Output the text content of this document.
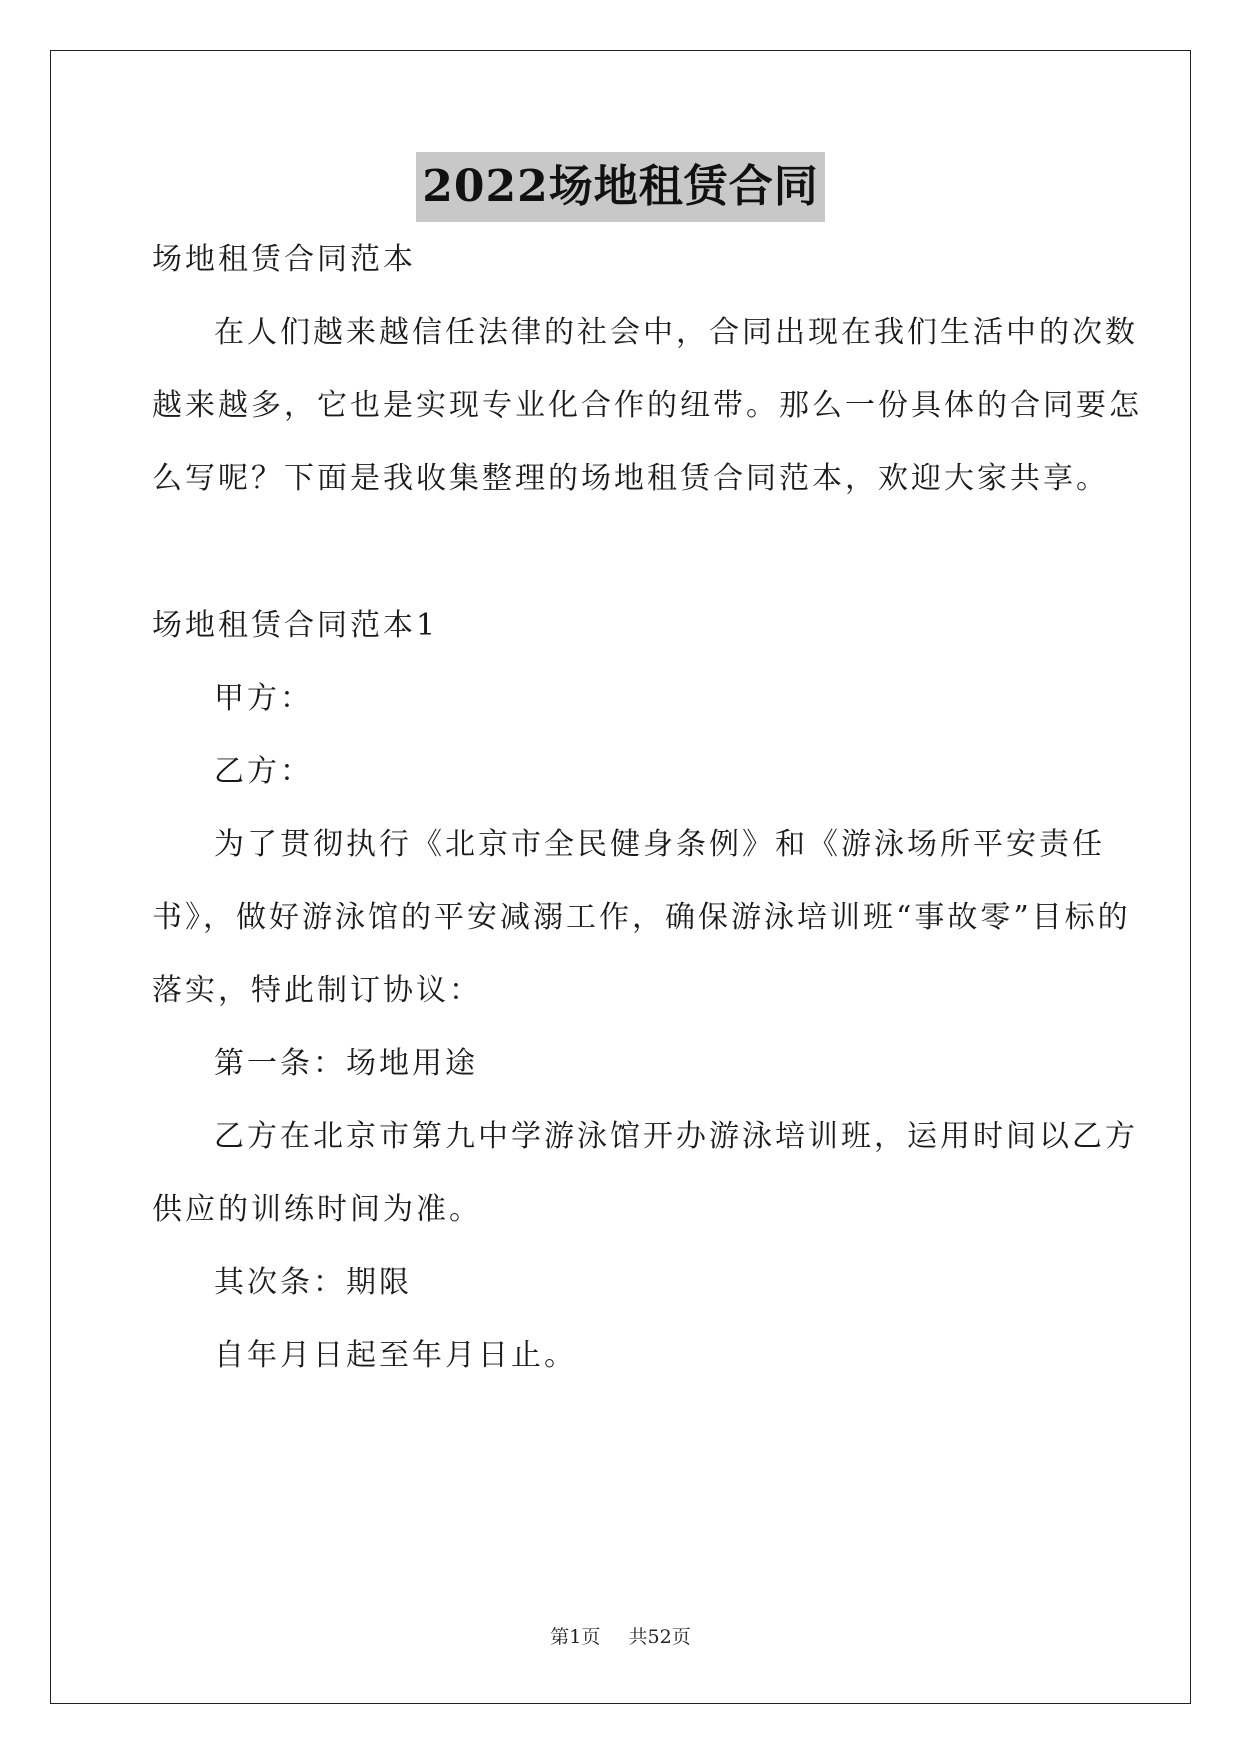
2022场地租赁合同
场地租赁合同范本
在人们越来越信任法律的社会中，合同出现在我们生活中的次数
越来越多，它也是实现专业化合作的纽带。那么一份具体的合同要怎
么写呢？下面是我收集整理的场地租赁合同范本，欢迎大家共享。
场地租赁合同范本1
甲方：
乙方：
为了贯彻执行《北京市全民健身条例》和《游泳场所平安责任
书》，做好游泳馆的平安减溺工作，确保游泳培训班“事故零”目标的
落实，特此制订协议：
第一条：场地用途
乙方在北京市第九中学游泳馆开办游泳培训班，运用时间以乙方
供应的训练时间为准。
其次条：期限
自年月日起至年月日止。
第1页 共52页
